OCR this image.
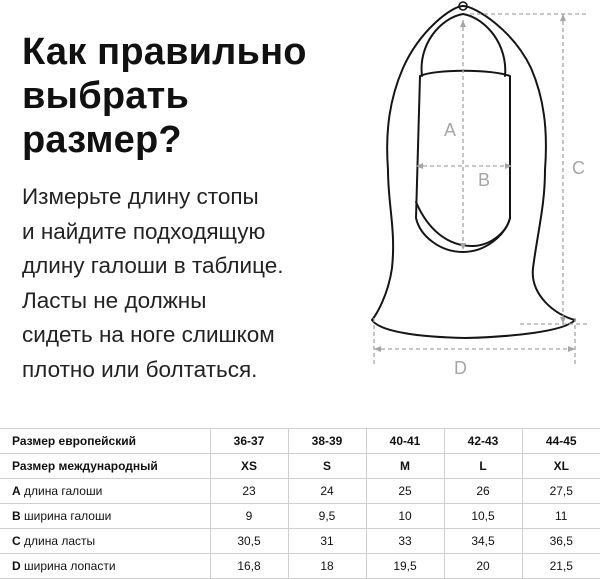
Как правильно
выбрать
размер?
Измерьте длину стопы
и найдите подходящую
длину галоши в таблице.
Ласты не должны
сидеть на ноге слишком
плотно или болтаться.
A
B
C
D
Размер европейский	36-37	38-39	40-41	42-43	44-45
Размер международный	XS	S	M	L	XL
A длина галоши	23	24	25	26	27,5
B ширина галоши	9	9,5	10	10,5	11
C длина ласты	30,5	31	33	34,5	36,5
D ширина лопасти	16,8	18	19,5	20	21,5
